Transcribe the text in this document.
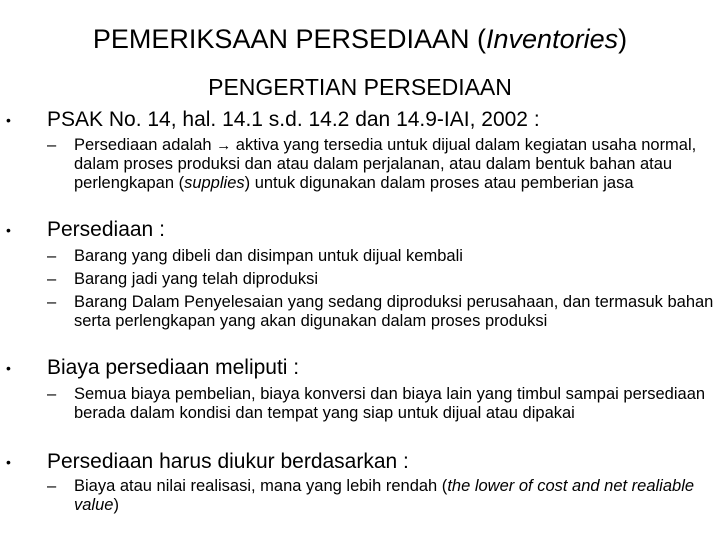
PEMERIKSAAN PERSEDIAAN (Inventories)
PENGERTIAN PERSEDIAAN
• PSAK No. 14, hal. 14.1 s.d. 14.2 dan 14.9-IAI, 2002 :
– Persediaan adalah → aktiva yang tersedia untuk dijual dalam kegiatan usaha normal, dalam proses produksi dan atau dalam perjalanan, atau dalam bentuk bahan atau perlengkapan (supplies) untuk digunakan dalam proses atau pemberian jasa
• Persediaan :
– Barang yang dibeli dan disimpan untuk dijual kembali
– Barang jadi yang telah diproduksi
– Barang Dalam Penyelesaian yang sedang diproduksi perusahaan, dan termasuk bahan serta perlengkapan yang akan digunakan dalam proses produksi
• Biaya persediaan meliputi :
– Semua biaya pembelian, biaya konversi dan biaya lain yang timbul sampai persediaan berada dalam kondisi dan tempat yang siap untuk dijual atau dipakai
• Persediaan harus diukur berdasarkan :
– Biaya atau nilai realisasi, mana yang lebih rendah (the lower of cost and net realiable value)
